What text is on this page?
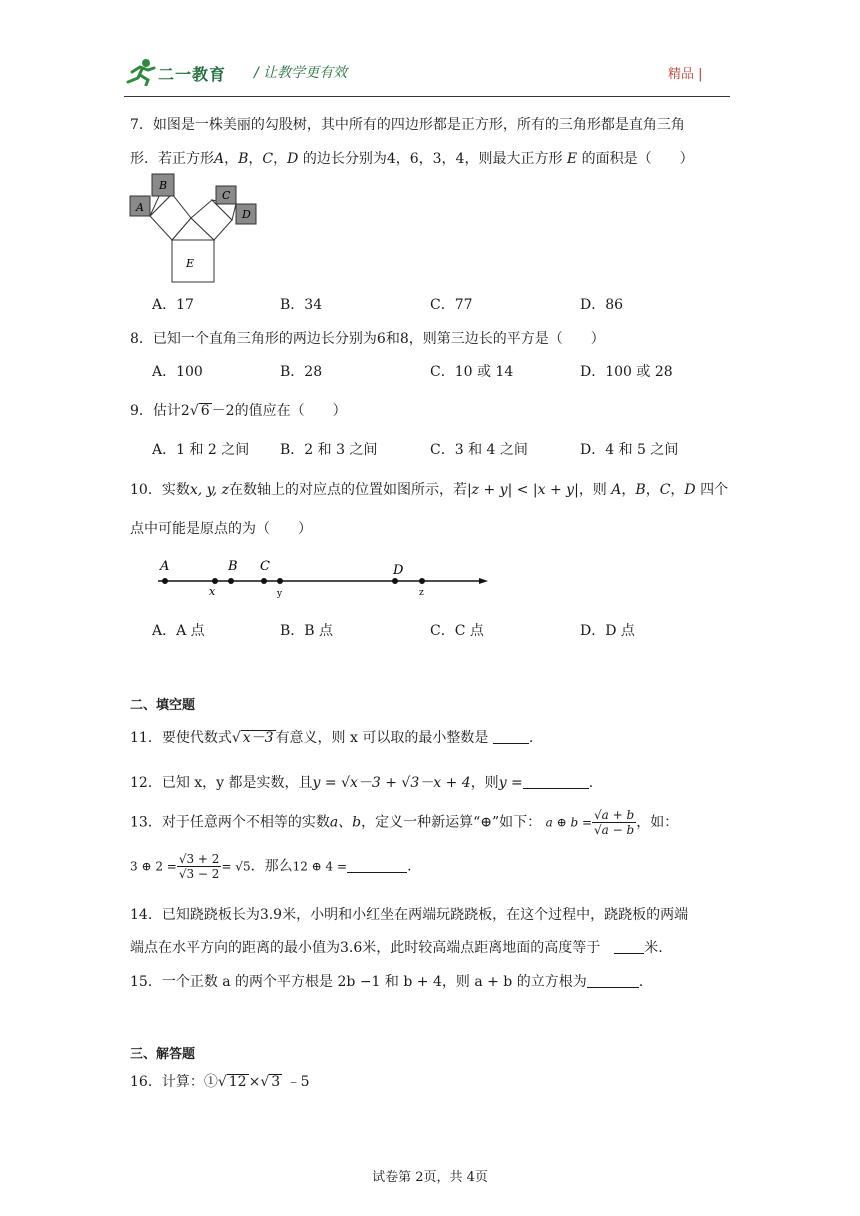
二一教育 / 让教学更有效	精品 |
7．如图是一株美丽的勾股树，其中所有的四边形都是正方形，所有的三角形都是直角三角
形．若正方形A，B，C，D 的边长分别为4，6，3，4，则最大正方形 E 的面积是（　　）
E
A
B
C
D
A．17	B．34	C．77	D．86
8．已知一个直角三角形的两边长分别为6和8，则第三边长的平方是（　　）
A．100	B．28	C．10 或 14	D．100 或 28
9．估计2√ 6 －2的值应在（　　）
A．1 和 2 之间 B．2 和 3 之间	C．3 和 4 之间	D．4 和 5 之间
10．实数x, y, z在数轴上的对应点的位置如图所示，若|z + y| < |x + y|，则 A，B，C，D 四个
点中可能是原点的为（　　）
A	B C	D
x	y	z
A．A 点	B．B 点	C．C 点	D．D 点
二、填空题
11．要使代数式√ x－3 有意义，则 x 可以取的最小整数是	.
12．已知 x，y 都是实数，且y = √x－3 + √3－x + 4，则y =	.
13．对于任意两个不相等的实数a、b，定义一种新运算“⊕”如下： a ⊕ $b = \frac{√a + b}{√a - b}$ ，如：
3 ⊕ $2 = \frac{√3 + 2}{√3 - 2} = √5$．那么12 ⊕ 4 =	.
14．已知跷跷板长为3.9米，小明和小红坐在两端玩跷跷板，在这个过程中，跷跷板的两端
端点在水平方向的距离的最小值为3.6米，此时较高端点距离地面的高度等于　	米.
15．一个正数 a 的两个平方根是 2b −1 和 b + 4，则 a + b 的立方根为	.
三、解答题
16．计算：①√ 12 ×√ 3 ﹣5
试卷第 2页，共 4页
